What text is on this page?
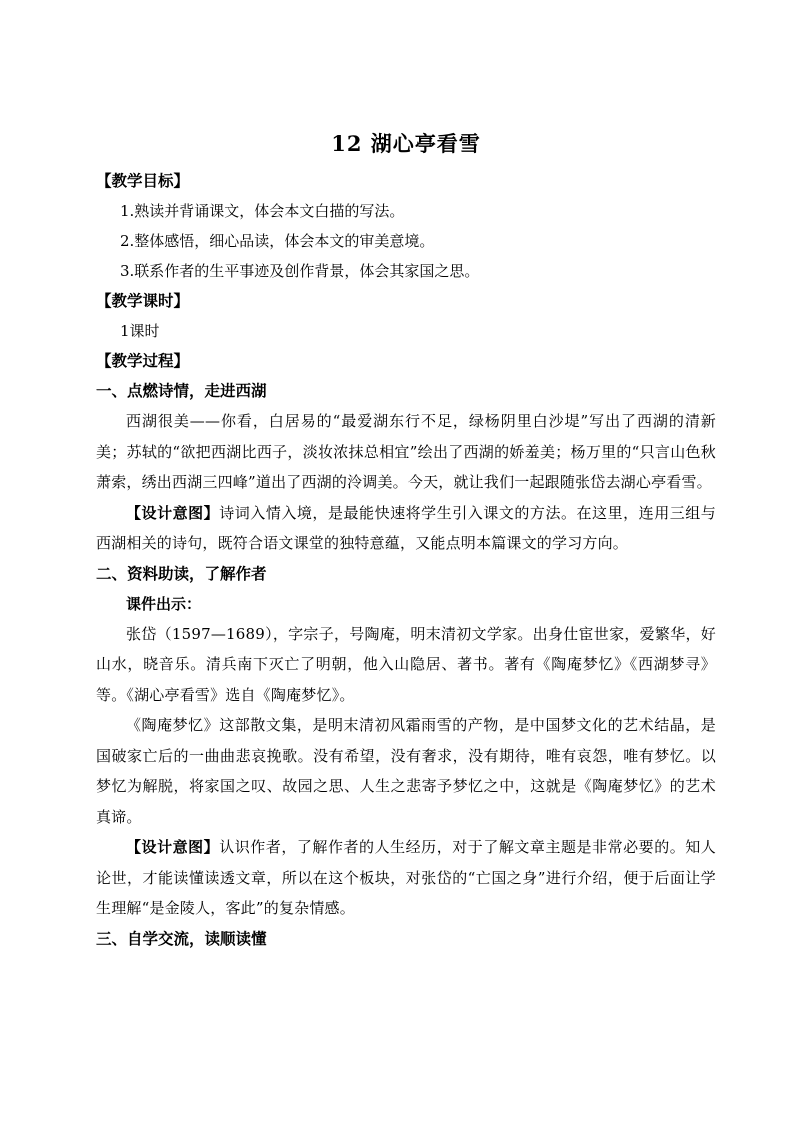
12 湖心亭看雪

【教学目标】

1.熟读并背诵课文，体会本文白描的写法。

2.整体感悟，细心品读，体会本文的审美意境。

3.联系作者的生平事迹及创作背景，体会其家国之思。

【教学课时】

1课时

【教学过程】

一、点燃诗情，走进西湖

西湖很美——你看，白居易的“最爱湖东行不足，绿杨阴里白沙堤”写出了西湖的清新美；苏轼的“欲把西湖比西子，淡妆浓抹总相宜”绘出了西湖的娇羞美；杨万里的“只言山色秋萧索，绣出西湖三四峰”道出了西湖的泠调美。今天，就让我们一起跟随张岱去湖心亭看雪。

【设计意图】诗词入情入境，是最能快速将学生引入课文的方法。在这里，连用三组与西湖相关的诗句，既符合语文课堂的独特意蕴，又能点明本篇课文的学习方向。

二、资料助读，了解作者

课件出示：

张岱（1597—1689），字宗子，号陶庵，明末清初文学家。出身仕宦世家，爱繁华，好山水，晓音乐。清兵南下灭亡了明朝，他入山隐居、著书。著有《陶庵梦忆》《西湖梦寻》等。《湖心亭看雪》选自《陶庵梦忆》。

《陶庵梦忆》这部散文集，是明末清初风霜雨雪的产物，是中国梦文化的艺术结晶，是国破家亡后的一曲曲悲哀挽歌。没有希望，没有奢求，没有期待，唯有哀怨，唯有梦忆。以梦忆为解脱，将家国之叹、故园之思、人生之悲寄予梦忆之中，这就是《陶庵梦忆》的艺术真谛。

【设计意图】认识作者，了解作者的人生经历，对于了解文章主题是非常必要的。知人论世，才能读懂读透文章，所以在这个板块，对张岱的“亡国之身”进行介绍，便于后面让学生理解“是金陵人，客此”的复杂情感。

三、自学交流，读顺读懂
